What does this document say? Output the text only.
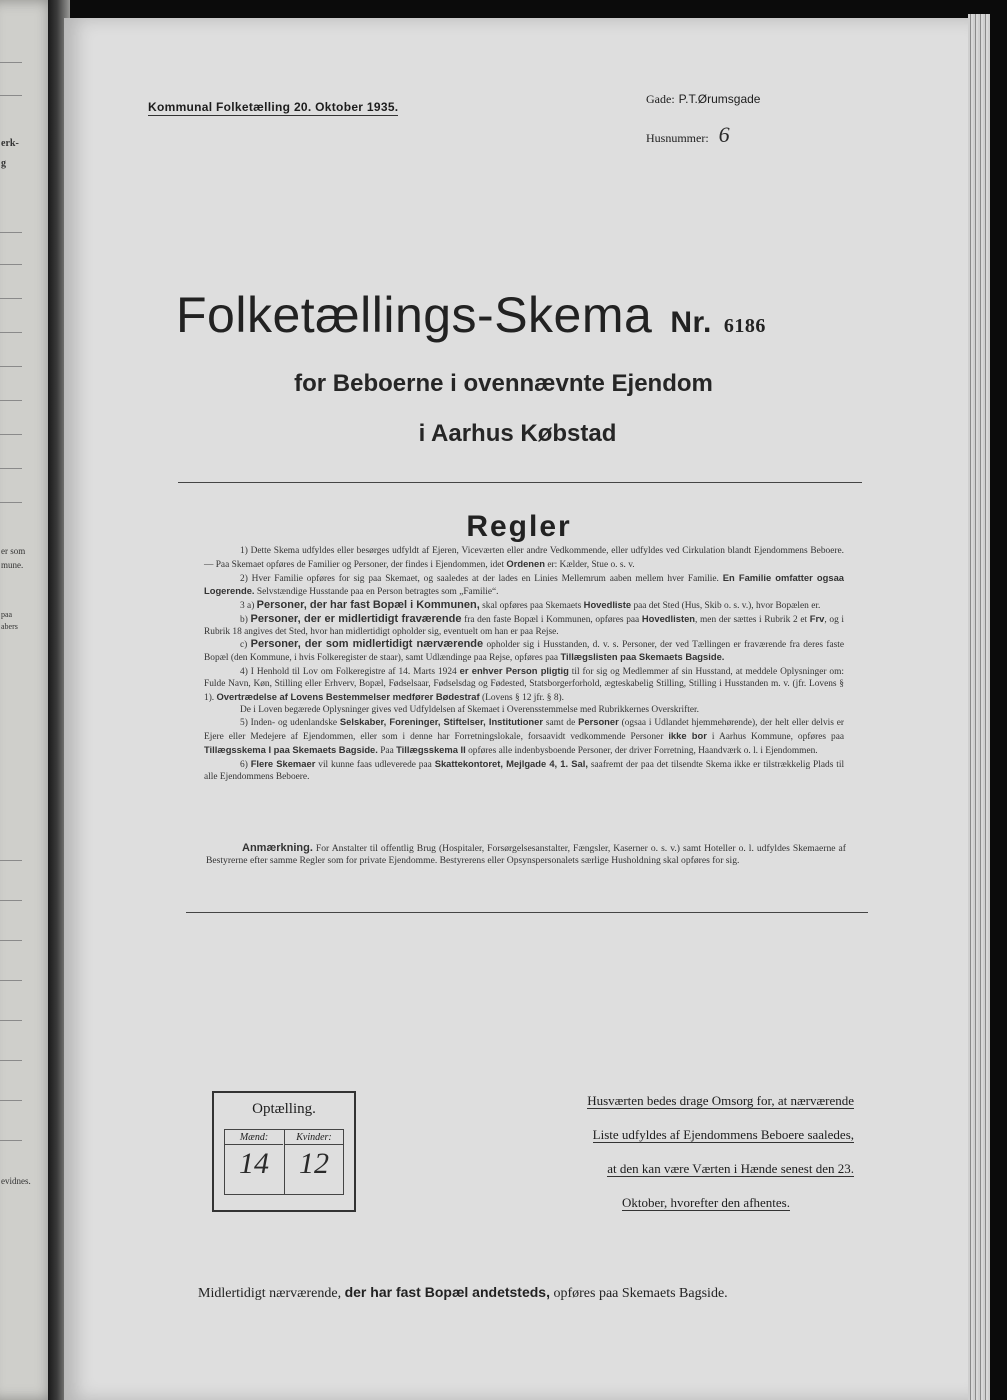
erk-
g
er som
mune.
paa
abers
evidnes.
Kommunal Folketælling 20. Oktober 1935.
Gade: P.T.Ørumsgade
Husnummer: 6
Folketællings-Skema Nr. 6186
for Beboerne i ovennævnte Ejendom
i Aarhus Købstad
Regler

1) Dette Skema udfyldes eller besørges udfyldt af Ejeren, Viceværten eller andre Vedkommende, eller udfyldes ved Cirkulation blandt Ejendommens Beboere. — Paa Skemaet opføres de Familier og Personer, der findes i Ejendommen, idet Ordenen er: Kælder, Stue o. s. v.

2) Hver Familie opføres for sig paa Skemaet, og saaledes at der lades en Linies Mellemrum aaben mellem hver Familie. En Familie omfatter ogsaa Logerende. Selvstændige Husstande paa en Person betragtes som „Familie“.

3 a) Personer, der har fast Bopæl i Kommunen, skal opføres paa Skemaets Hovedliste paa det Sted (Hus, Skib o. s. v.), hvor Bopælen er.

b) Personer, der er midlertidigt fraværende fra den faste Bopæl i Kommunen, opføres paa Hovedlisten, men der sættes i Rubrik 2 et Frv, og i Rubrik 18 angives det Sted, hvor han midlertidigt opholder sig, eventuelt om han er paa Rejse.

c) Personer, der som midlertidigt nærværende opholder sig i Husstanden, d. v. s. Personer, der ved Tællingen er fraværende fra deres faste Bopæl (den Kommune, i hvis Folkeregister de staar), samt Udlændinge paa Rejse, opføres paa Tillægslisten paa Skemaets Bagside.

4) I Henhold til Lov om Folkeregistre af 14. Marts 1924 er enhver Person pligtig til for sig og Medlemmer af sin Husstand, at meddele Oplysninger om: Fulde Navn, Køn, Stilling eller Erhverv, Bopæl, Fødselsaar, Fødselsdag og Fødested, Statsborgerforhold, ægteskabelig Stilling, Stilling i Husstanden m. v. (jfr. Lovens § 1). Overtrædelse af Lovens Bestemmelser medfører Bødestraf (Lovens § 12 jfr. § 8).

De i Loven begærede Oplysninger gives ved Udfyldelsen af Skemaet i Overensstemmelse med Rubrikkernes Overskrifter.

5) Inden- og udenlandske Selskaber, Foreninger, Stiftelser, Institutioner samt de Personer (ogsaa i Udlandet hjemmehørende), der helt eller delvis er Ejere eller Medejere af Ejendommen, eller som i denne har Forretningslokale, forsaavidt vedkommende Personer ikke bor i Aarhus Kommune, opføres paa Tillægsskema I paa Skemaets Bagside. Paa Tillægsskema II opføres alle indenbysboende Personer, der driver Forretning, Haandværk o. l. i Ejendommen.

6) Flere Skemaer vil kunne faas udleverede paa Skattekontoret, Mejlgade 4, 1. Sal, saafremt der paa det tilsendte Skema ikke er tilstrækkelig Plads til alle Ejendommens Beboere.

Anmærkning. For Anstalter til offentlig Brug (Hospitaler, Forsørgelsesanstalter, Fængsler, Kaserner o. s. v.) samt Hoteller o. l. udfyldes Skemaerne af Bestyrerne efter samme Regler som for private Ejendomme. Bestyrerens eller Opsynspersonalets særlige Husholdning skal opføres for sig.
Optælling.
Mænd:
14
Kvinder:
12
Husværten bedes drage Omsorg for, at nærværende
Liste udfyldes af Ejendommens Beboere saaledes,
at den kan være Værten i Hænde senest den 23.
Oktober, hvorefter den afhentes.
Midlertidigt nærværende, der har fast Bopæl andetsteds, opføres paa Skemaets Bagside.
